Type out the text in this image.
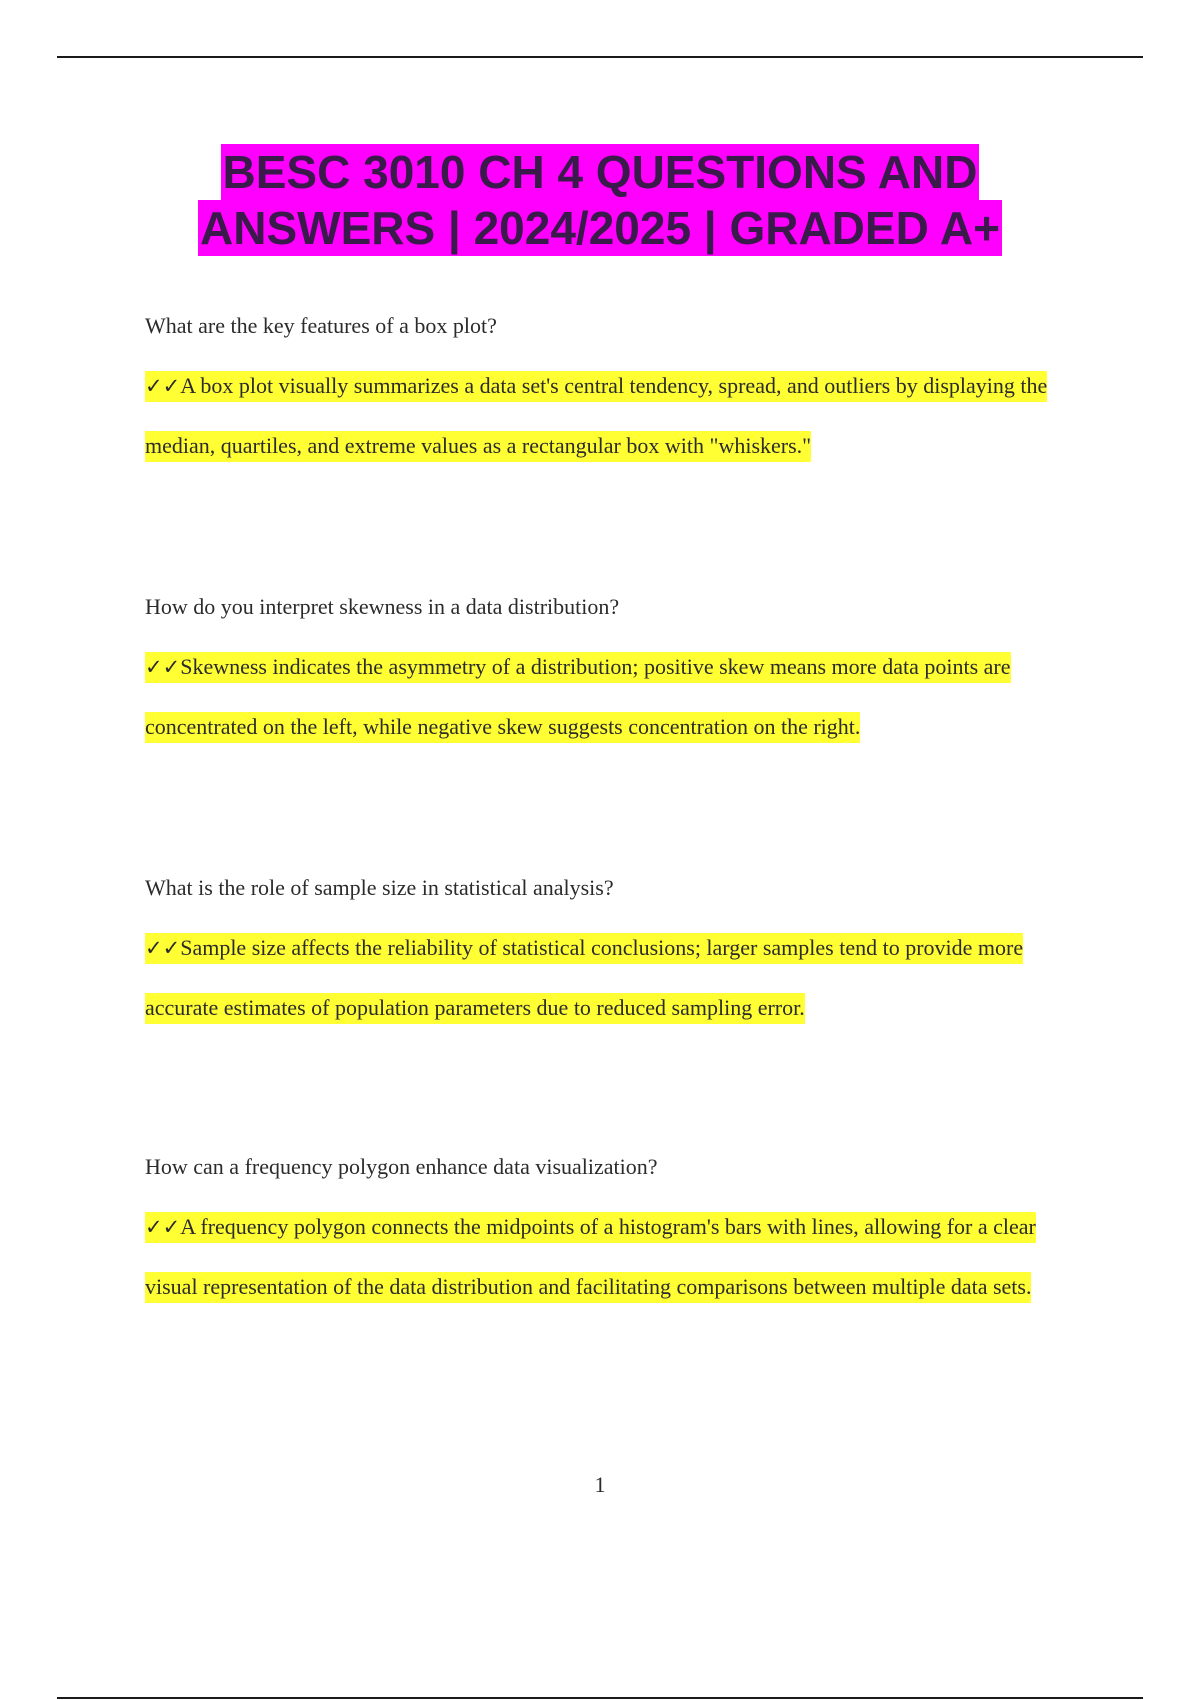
BESC 3010 CH 4 QUESTIONS AND
ANSWERS | 2024/2025 | GRADED A+

What are the key features of a box plot?

✓✓A box plot visually summarizes a data set's central tendency, spread, and outliers by displaying the median, quartiles, and extreme values as a rectangular box with "whiskers."

How do you interpret skewness in a data distribution?

✓✓Skewness indicates the asymmetry of a distribution; positive skew means more data points are concentrated on the left, while negative skew suggests concentration on the right.

What is the role of sample size in statistical analysis?

✓✓Sample size affects the reliability of statistical conclusions; larger samples tend to provide more accurate estimates of population parameters due to reduced sampling error.

How can a frequency polygon enhance data visualization?

✓✓A frequency polygon connects the midpoints of a histogram's bars with lines, allowing for a clear visual representation of the data distribution and facilitating comparisons between multiple data sets.

1
